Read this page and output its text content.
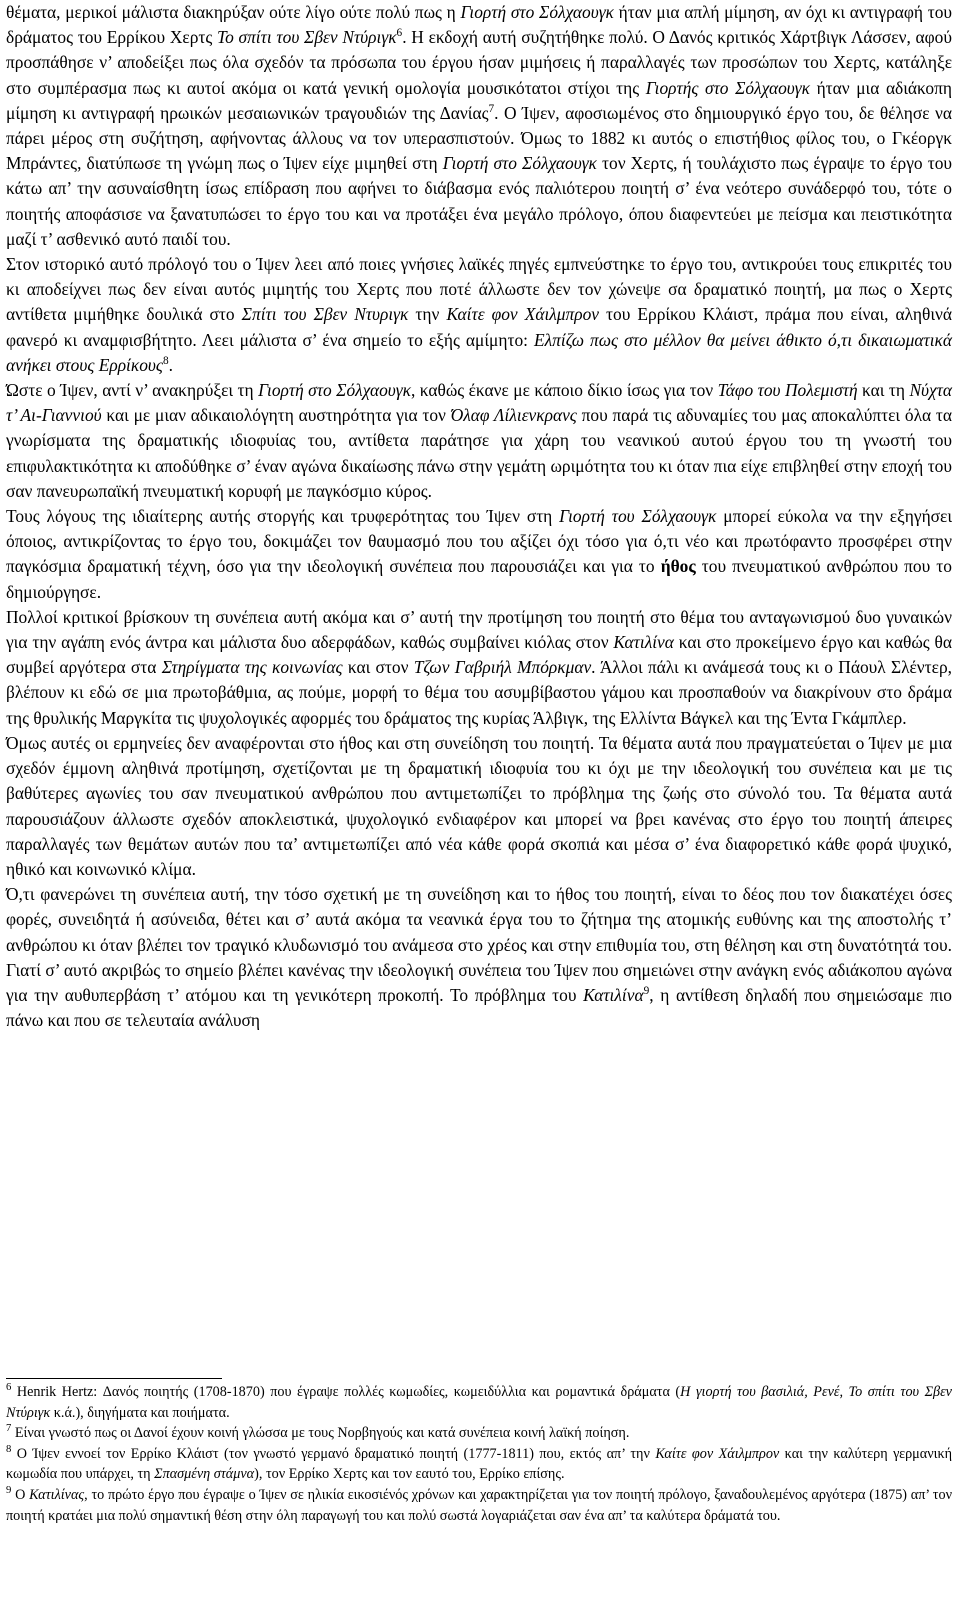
θέματα, μερικοί μάλιστα διακηρύξαν ούτε λίγο ούτε πολύ πως η Γιορτή στο Σόλχαουγκ ήταν μια απλή μίμηση, αν όχι κι αντιγραφή του δράματος του Ερρίκου Χερτς Το σπίτι του Σβεν Ντύριγκ$^6$. Η εκδοχή αυτή συζητήθηκε πολύ. Ο Δανός κριτικός Χάρτβιγκ Λάσσεν, αφού προσπάθησε ν’ αποδείξει πως όλα σχεδόν τα πρόσωπα του έργου ήσαν μιμήσεις ή παραλλαγές των προσώπων του Χερτς, κατάληξε στο συμπέρασμα πως κι αυτοί ακόμα οι κατά γενική ομολογία μουσικότατοι στίχοι της Γιορτής στο Σόλχαουγκ ήταν μια αδιάκοπη μίμηση κι αντιγραφή ηρωικών μεσαιωνικών τραγουδιών της Δανίας$^7$. Ο Ίψεν, αφοσιωμένος στο δημιουργικό έργο του, δε θέλησε να πάρει μέρος στη συζήτηση, αφήνοντας άλλους να τον υπερασπιστούν. Όμως το 1882 κι αυτός ο επιστήθιος φίλος του, ο Γκέοργκ Μπράντες, διατύπωσε τη γνώμη πως ο Ίψεν είχε μιμηθεί στη Γιορτή στο Σόλχαουγκ τον Χερτς, ή τουλάχιστο πως έγραψε το έργο του κάτω απ’ την ασυναίσθητη ίσως επίδραση που αφήνει το διάβασμα ενός παλιότερου ποιητή σ’ ένα νεότερο συνάδερφό του, τότε ο ποιητής αποφάσισε να ξανατυπώσει το έργο του και να προτάξει ένα μεγάλο πρόλογο, όπου διαφεντεύει με πείσμα και πειστικότητα μαζί τ’ ασθενικό αυτό παιδί του.

Στον ιστορικό αυτό πρόλογό του ο Ίψεν λεει από ποιες γνήσιες λαϊκές πηγές εμπνεύστηκε το έργο του, αντικρούει τους επικριτές του κι αποδείχνει πως δεν είναι αυτός μιμητής του Χερτς που ποτέ άλλωστε δεν τον χώνεψε σα δραματικό ποιητή, μα πως ο Χερτς αντίθετα μιμήθηκε δουλικά στο Σπίτι του Σβεν Ντυριγκ την Καίτε φον Χάιλμπρον του Ερρίκου Κλάιστ, πράμα που είναι, αληθινά φανερό κι αναμφισβήτητο. Λεει μάλιστα σ’ ένα σημείο το εξής αμίμητο: Ελπίζω πως στο μέλλον θα μείνει άθικτο ό,τι δικαιωματικά ανήκει στους Ερρίκους$^8$.

Ώστε ο Ίψεν, αντί ν’ ανακηρύξει τη Γιορτή στο Σόλχαουγκ, καθώς έκανε με κάποιο δίκιο ίσως για τον Τάφο του Πολεμιστή και τη Νύχτα τ’ Αι-Γιαννιού και με μιαν αδικαιολόγητη αυστηρότητα για τον Όλαφ Λίλιενκρανς που παρά τις αδυναμίες του μας αποκαλύπτει όλα τα γνωρίσματα της δραματικής ιδιοφυίας του, αντίθετα παράτησε για χάρη του νεανικού αυτού έργου του τη γνωστή του επιφυλακτικότητα κι αποδύθηκε σ’ έναν αγώνα δικαίωσης πάνω στην γεμάτη ωριμότητα του κι όταν πια είχε επιβληθεί στην εποχή του σαν πανευρωπαϊκή πνευματική κορυφή με παγκόσμιο κύρος.

Τους λόγους της ιδιαίτερης αυτής στοργής και τρυφερότητας του Ίψεν στη Γιορτή του Σόλχαουγκ μπορεί εύκολα να την εξηγήσει όποιος, αντικρίζοντας το έργο του, δοκιμάζει τον θαυμασμό που του αξίζει όχι τόσο για ό,τι νέο και πρωτόφαντο προσφέρει στην παγκόσμια δραματική τέχνη, όσο για την ιδεολογική συνέπεια που παρουσιάζει και για το ήθος του πνευματικού ανθρώπου που το δημιούργησε.

Πολλοί κριτικοί βρίσκουν τη συνέπεια αυτή ακόμα και σ’ αυτή την προτίμηση του ποιητή στο θέμα του ανταγωνισμού δυο γυναικών για την αγάπη ενός άντρα και μάλιστα δυο αδερφάδων, καθώς συμβαίνει κιόλας στον Κατιλίνα και στο προκείμενο έργο και καθώς θα συμβεί αργότερα στα Στηρίγματα της κοινωνίας και στον Τζων Γαβριήλ Μπόρκμαν. Άλλοι πάλι κι ανάμεσά τους κι ο Πάουλ Σλέντερ, βλέπουν κι εδώ σε μια πρωτοβάθμια, ας πούμε, μορφή το θέμα του ασυμβίβαστου γάμου και προσπαθούν να διακρίνουν στο δράμα της θρυλικής Μαργκίτα τις ψυχολογικές αφορμές του δράματος της κυρίας Άλβιγκ, της Ελλίντα Βάγκελ και της Έντα Γκάμπλερ.

Όμως αυτές οι ερμηνείες δεν αναφέρονται στο ήθος και στη συνείδηση του ποιητή. Τα θέματα αυτά που πραγματεύεται ο Ίψεν με μια σχεδόν έμμονη αληθινά προτίμηση, σχετίζονται με τη δραματική ιδιοφυία του κι όχι με την ιδεολογική του συνέπεια και με τις βαθύτερες αγωνίες του σαν πνευματικού ανθρώπου που αντιμετωπίζει το πρόβλημα της ζωής στο σύνολό του. Τα θέματα αυτά παρουσιάζουν άλλωστε σχεδόν αποκλειστικά, ψυχολογικό ενδιαφέρον και μπορεί να βρει κανένας στο έργο του ποιητή άπειρες παραλλαγές των θεμάτων αυτών που τα’ αντιμετωπίζει από νέα κάθε φορά σκοπιά και μέσα σ’ ένα διαφορετικό κάθε φορά ψυχικό, ηθικό και κοινωνικό κλίμα.

Ό,τι φανερώνει τη συνέπεια αυτή, την τόσο σχετική με τη συνείδηση και το ήθος του ποιητή, είναι το δέος που τον διακατέχει όσες φορές, συνειδητά ή ασύνειδα, θέτει και σ’ αυτά ακόμα τα νεανικά έργα του το ζήτημα της ατομικής ευθύνης και της αποστολής τ’ ανθρώπου κι όταν βλέπει τον τραγικό κλυδωνισμό του ανάμεσα στο χρέος και στην επιθυμία του, στη θέληση και στη δυνατότητά του. Γιατί σ’ αυτό ακριβώς το σημείο βλέπει κανένας την ιδεολογική συνέπεια του Ίψεν που σημειώνει στην ανάγκη ενός αδιάκοπου αγώνα για την αυθυπερβάση τ’ ατόμου και τη γενικότερη προκοπή. Το πρόβλημα του Κατιλίνα$^9$, η αντίθεση δηλαδή που σημειώσαμε πιο πάνω και που σε τελευταία ανάλυση

$^6$ Henrik Hertz: Δανός ποιητής (1708-1870) που έγραψε πολλές κωμωδίες, κωμειδύλλια και ρομαντικά δράματα (Η γιορτή του βασιλιά, Ρενέ, Το σπίτι του Σβεν Ντύριγκ κ.ά.), διηγήματα και ποιήματα.

$^7$ Είναι γνωστό πως οι Δανοί έχουν κοινή γλώσσα με τους Νορβηγούς και κατά συνέπεια κοινή λαϊκή ποίηση.

$^8$ Ο Ίψεν εννοεί τον Ερρίκο Κλάιστ (τον γνωστό γερμανό δραματικό ποιητή (1777-1811) που, εκτός απ’ την Καίτε φον Χάιλμπρον και την καλύτερη γερμανική κωμωδία που υπάρχει, τη Σπασμένη στάμνα), τον Ερρίκο Χερτς και τον εαυτό του, Ερρίκο επίσης.

$^9$ Ο Κατιλίνας, το πρώτο έργο που έγραψε ο Ίψεν σε ηλικία εικοσιένός χρόνων και χαρακτηρίζεται για τον ποιητή πρόλογο, ξαναδουλεμένος αργότερα (1875) απ’ τον ποιητή κρατάει μια πολύ σημαντική θέση στην όλη παραγωγή του και πολύ σωστά λογαριάζεται σαν ένα απ’ τα καλύτερα δράματά του.
